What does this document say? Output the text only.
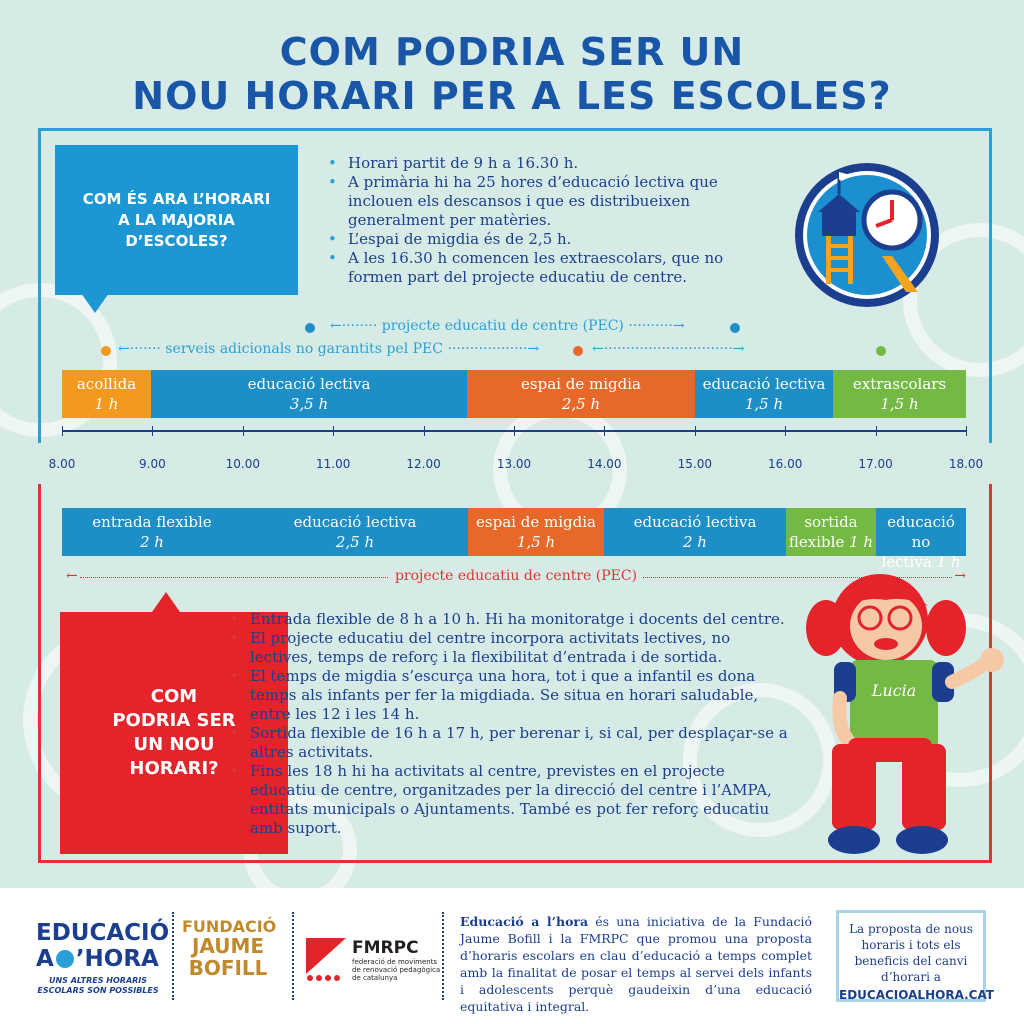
COM PODRIA SER UN
NOU HORARI PER A LES ESCOLES?
COM ÉS ARA L’HORARI A LA MAJORIA D’ESCOLES?
• Horari partit de 9 h a 16.30 h.
• A primària hi ha 25 hores d’educació lectiva que inclouen els descansos i que es distribueixen generalment per matèries.
• L’espai de migdia és de 2,5 h.
• A les 16.30 h comencen les extraescolars, que no formen part del projecte educatiu de centre.
←········ projecte educatiu de centre (PEC) ··········→
←······· serveis adicionals no garantits pel PEC ··················→	←·····························→
acollida
1 h
educació lectiva
3,5 h
espai de migdia
2,5 h
educació lectiva
1,5 h
extrascolars
1,5 h
8.00	9.00	10.00	11.00	12.00	13.00	14.00	15.00	16.00	17.00	18.00
entrada flexible
2 h
educació lectiva
2,5 h
espai de migdia
1,5 h
educació lectiva
2 h
sortida
flexible 1 h
educació no
lectiva 1 h
←	projecte educatiu de centre (PEC)	→
COM PODRIA SER UN NOU HORARI?
• Entrada flexible de 8 h a 10 h. Hi ha monitoratge i docents del centre.
• El projecte educatiu del centre incorpora activitats lectives, no lectives, temps de reforç i la flexibilitat d’entrada i de sortida.
• El temps de migdia s’escurça una hora, tot i que a infantil es dona temps als infants per fer la migdiada. Se situa en horari saludable, entre les 12 i les 14 h.
• Sortida flexible de 16 h a 17 h, per berenar i, si cal, per desplaçar-se a altres activitats.
• Fins les 18 h hi ha activitats al centre, previstes en el projecte educatiu de centre, organitzades per la direcció del centre i l’AMPA, entitats municipals o Ajuntaments. També es pot fer reforç educatiu amb suport.
Lucia
EDUCACIÓ
A ’HORA
UNS ALTRES HORARIS ESCOLARS SÓN POSSIBLES
FUNDACIÓ
JAUME
BOFILL
FMRPC
federació de moviments de renovació pedagògica de catalunya
Educació a l’hora és una iniciativa de la Fundació Jaume Bofill i la FMRPC que promou una proposta d’horaris escolars en clau d’educació a temps complet amb la finalitat de posar el temps al servei dels infants i adolescents perquè gaudeixin d’una educació equitativa i integral.
La proposta de nous horaris i tots els beneficis del canvi d’horari a
EDUCACIOALHORA.CAT
